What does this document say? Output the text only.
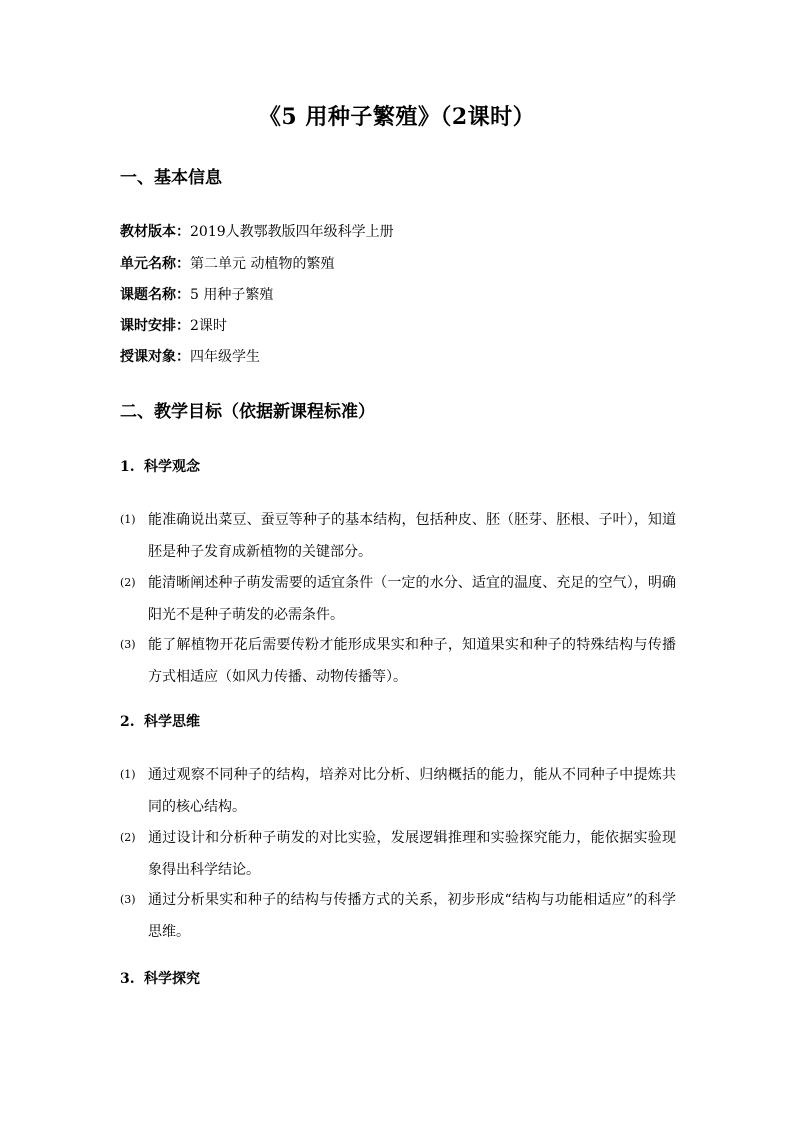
《5 用种子繁殖》（2课时）
一、基本信息
教材版本：2019人教鄂教版四年级科学上册
单元名称：第二单元 动植物的繁殖
课题名称：5 用种子繁殖
课时安排：2课时
授课对象：四年级学生
二、教学目标（依据新课程标准）
1. 科学观念
(1) 能准确说出菜豆、蚕豆等种子的基本结构，包括种皮、胚（胚芽、胚根、子叶），知道胚是种子发育成新植物的关键部分。
(2) 能清晰阐述种子萌发需要的适宜条件（一定的水分、适宜的温度、充足的空气），明确阳光不是种子萌发的必需条件。
(3) 能了解植物开花后需要传粉才能形成果实和种子，知道果实和种子的特殊结构与传播方式相适应（如风力传播、动物传播等）。
2. 科学思维
(1) 通过观察不同种子的结构，培养对比分析、归纳概括的能力，能从不同种子中提炼共同的核心结构。
(2) 通过设计和分析种子萌发的对比实验，发展逻辑推理和实验探究能力，能依据实验现象得出科学结论。
(3) 通过分析果实和种子的结构与传播方式的关系，初步形成“结构与功能相适应”的科学思维。
3. 科学探究
